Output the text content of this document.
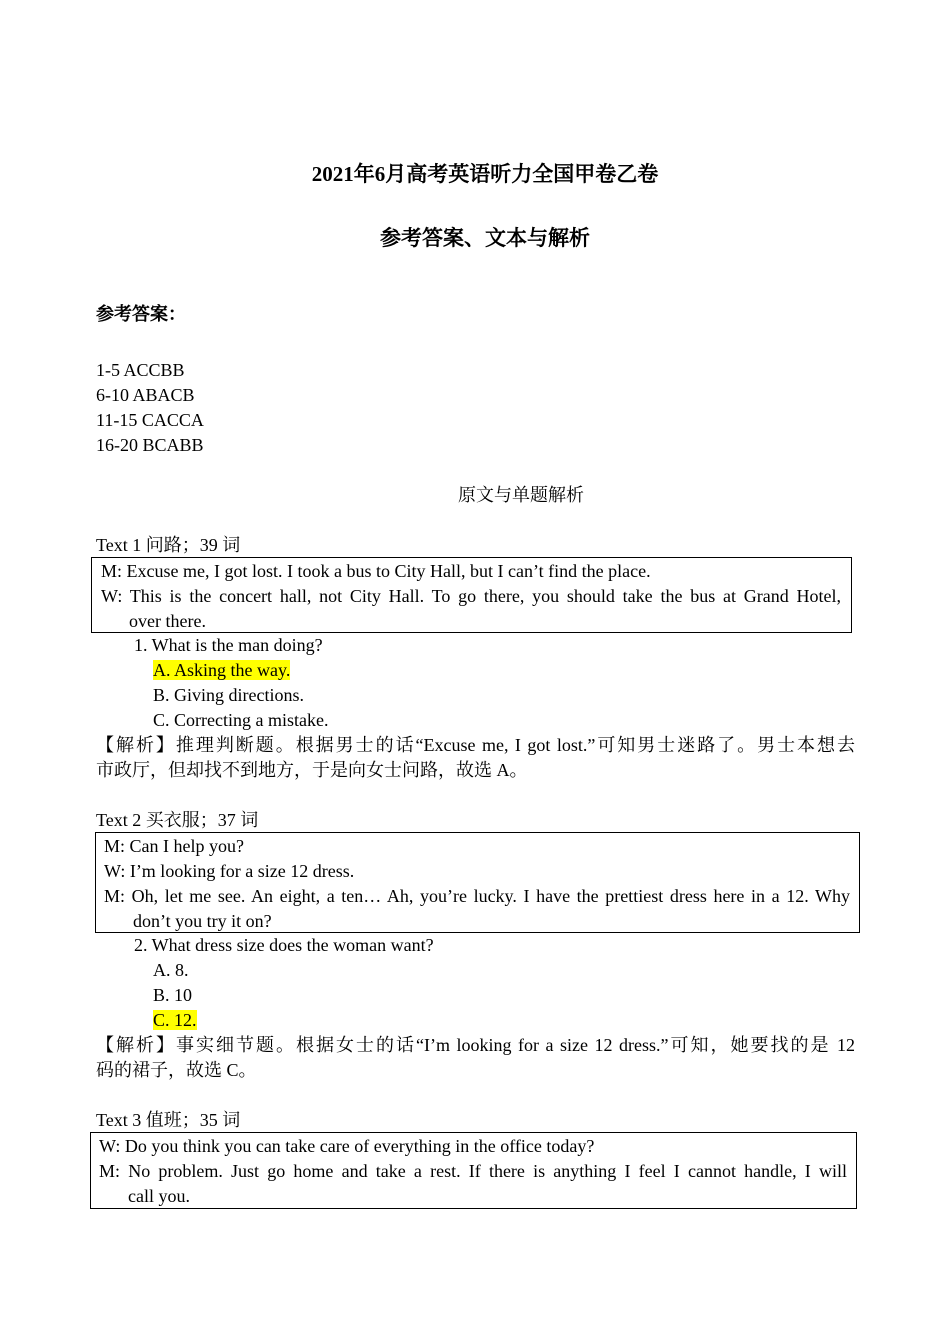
2021年6月高考英语听力全国甲卷乙卷
参考答案、文本与解析
参考答案：
1-5 ACCBB
6-10 ABACB
11-15 CACCA
16-20 BCABB
原文与单题解析
Text 1 问路；39 词
M: Excuse me, I got lost. I took a bus to City Hall, but I can’t find the place.
W: This is the concert hall, not City Hall. To go there, you should take the bus at Grand Hotel,
over there.
1. What is the man doing?
A. Asking the way.
B. Giving directions.
C. Correcting a mistake.
【解析】推理判断题。根据男士的话“Excuse me, I got lost.”可知男士迷路了。男士本想去
市政厅，但却找不到地方，于是向女士问路，故选 A。
Text 2 买衣服；37 词
M: Can I help you?
W: I’m looking for a size 12 dress.
M: Oh, let me see. An eight, a ten… Ah, you’re lucky. I have the prettiest dress here in a 12. Why
don’t you try it on?
2. What dress size does the woman want?
A. 8.
B. 10
C. 12.
【解析】事实细节题。根据女士的话“I’m looking for a size 12 dress.”可知，她要找的是 12
码的裙子，故选 C。
Text 3 值班；35 词
W: Do you think you can take care of everything in the office today?
M: No problem. Just go home and take a rest. If there is anything I feel I cannot handle, I will
call you.
